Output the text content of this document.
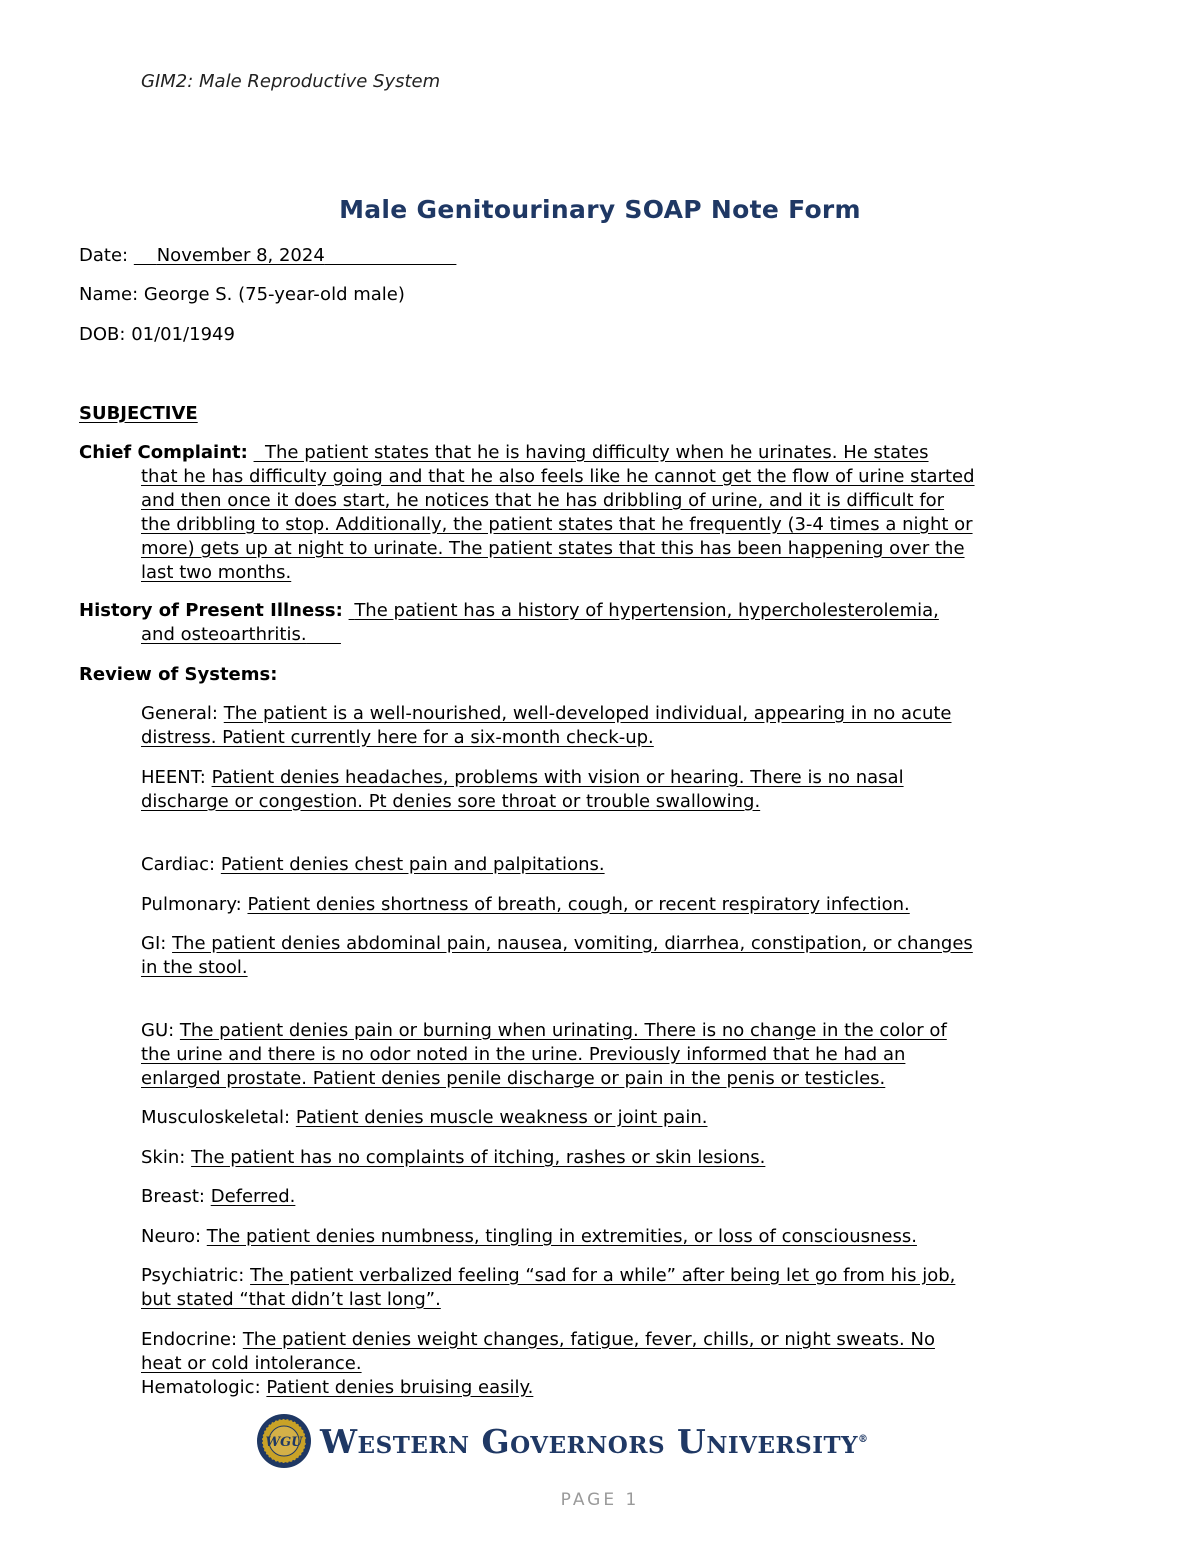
GIM2: Male Reproductive System
Male Genitourinary SOAP Note Form
Date: November 8, 2024
Name: George S. (75-year-old male)
DOB: 01/01/1949
SUBJECTIVE
Chief Complaint: The patient states that he is having difficulty when he urinates. He states
that he has difficulty going and that he also feels like he cannot get the flow of urine started
and then once it does start, he notices that he has dribbling of urine, and it is difficult for
the dribbling to stop. Additionally, the patient states that he frequently (3-4 times a night or
more) gets up at night to urinate. The patient states that this has been happening over the
last two months.
History of Present Illness: The patient has a history of hypertension, hypercholesterolemia,
and osteoarthritis.
Review of Systems:
General: The patient is a well-nourished, well-developed individual, appearing in no acute
distress. Patient currently here for a six-month check-up.
HEENT: Patient denies headaches, problems with vision or hearing. There is no nasal
discharge or congestion. Pt denies sore throat or trouble swallowing.
Cardiac: Patient denies chest pain and palpitations.
Pulmonary: Patient denies shortness of breath, cough, or recent respiratory infection.
GI: The patient denies abdominal pain, nausea, vomiting, diarrhea, constipation, or changes
in the stool.
GU: The patient denies pain or burning when urinating. There is no change in the color of
the urine and there is no odor noted in the urine. Previously informed that he had an
enlarged prostate. Patient denies penile discharge or pain in the penis or testicles.
Musculoskeletal: Patient denies muscle weakness or joint pain.
Skin: The patient has no complaints of itching, rashes or skin lesions.
Breast: Deferred.
Neuro: The patient denies numbness, tingling in extremities, or loss of consciousness.
Psychiatric: The patient verbalized feeling “sad for a while” after being let go from his job,
but stated “that didn’t last long”.
Endocrine: The patient denies weight changes, fatigue, fever, chills, or night sweats. No
heat or cold intolerance.
Hematologic: Patient denies bruising easily.
WGU Western Governors University®
PAGE 1
